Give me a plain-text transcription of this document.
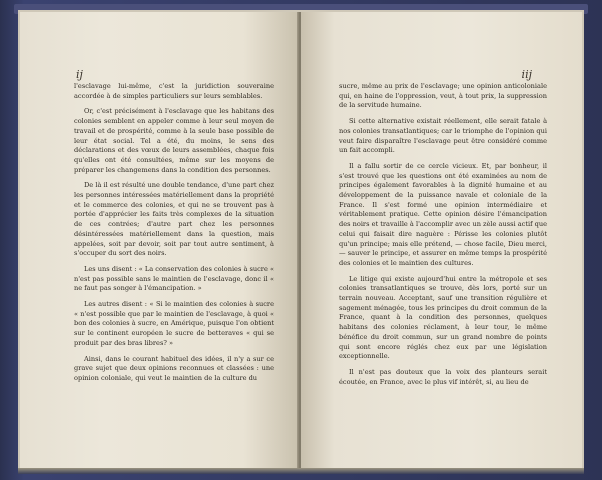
ij

l'esclavage lui-même, c'est la juridiction souveraine accordée à de simples particuliers sur leurs semblables.

Or, c'est précisément à l'esclavage que les habitans des colonies semblent en appeler comme à leur seul moyen de travail et de prospérité, comme à la seule base possible de leur état social. Tel a été, du moins, le sens des déclarations et des vœux de leurs assemblées, chaque fois qu'elles ont été consultées, même sur les moyens de préparer les changemens dans la condition des personnes.

De là il est résulté une double tendance, d'une part chez les personnes intéressées matériellement dans la propriété et le commerce des colonies, et qui ne se trouvent pas à portée d'apprécier les faits très complexes de la situation de ces contrées; d'autre part chez les personnes désintéressées matériellement dans la question, mais appelées, soit par devoir, soit par tout autre sentiment, à s'occuper du sort des noirs.

Les uns disent : « La conservation des colonies à sucre « n'est pas possible sans le maintien de l'esclavage, donc il « ne faut pas songer à l'émancipation. »

Les autres disent : « Si le maintien des colonies à sucre « n'est possible que par le maintien de l'esclavage, à quoi « bon des colonies à sucre, en Amérique, puisque l'on obtient sur le continent européen le sucre de betteraves « qui se produit par des bras libres? »

Ainsi, dans le courant habituel des idées, il n'y a sur ce grave sujet que deux opinions reconnues et classées : une opinion coloniale, qui veut le maintien de la culture du

iij

sucre, même au prix de l'esclavage; une opinion anticoloniale qui, en haine de l'oppression, veut, à tout prix, la suppression de la servitude humaine.

Si cette alternative existait réellement, elle serait fatale à nos colonies transatlantiques; car le triomphe de l'opinion qui veut faire disparaître l'esclavage peut être considéré comme un fait accompli.

Il a fallu sortir de ce cercle vicieux. Et, par bonheur, il s'est trouvé que les questions ont été examinées au nom de principes également favorables à la dignité humaine et au développement de la puissance navale et coloniale de la France. Il s'est formé une opinion intermédiaire et véritablement pratique. Cette opinion désire l'émancipation des noirs et travaille à l'accomplir avec un zèle aussi actif que celui qui faisait dire naguère : Périsse les colonies plutôt qu'un principe; mais elle prétend, — chose facile, Dieu merci, — sauver le principe, et assurer en même temps la prospérité des colonies et le maintien des cultures.

Le litige qui existe aujourd'hui entre la métropole et ses colonies transatlantiques se trouve, dès lors, porté sur un terrain nouveau. Acceptant, sauf une transition régulière et sagement ménagée, tous les principes du droit commun de la France, quant à la condition des personnes, quelques habitans des colonies réclament, à leur tour, le même bénéfice du droit commun, sur un grand nombre de points qui sont encore réglés chez eux par une législation exceptionnelle.

Il n'est pas douteux que la voix des planteurs serait écoutée, en France, avec le plus vif intérêt, si, au lieu de
